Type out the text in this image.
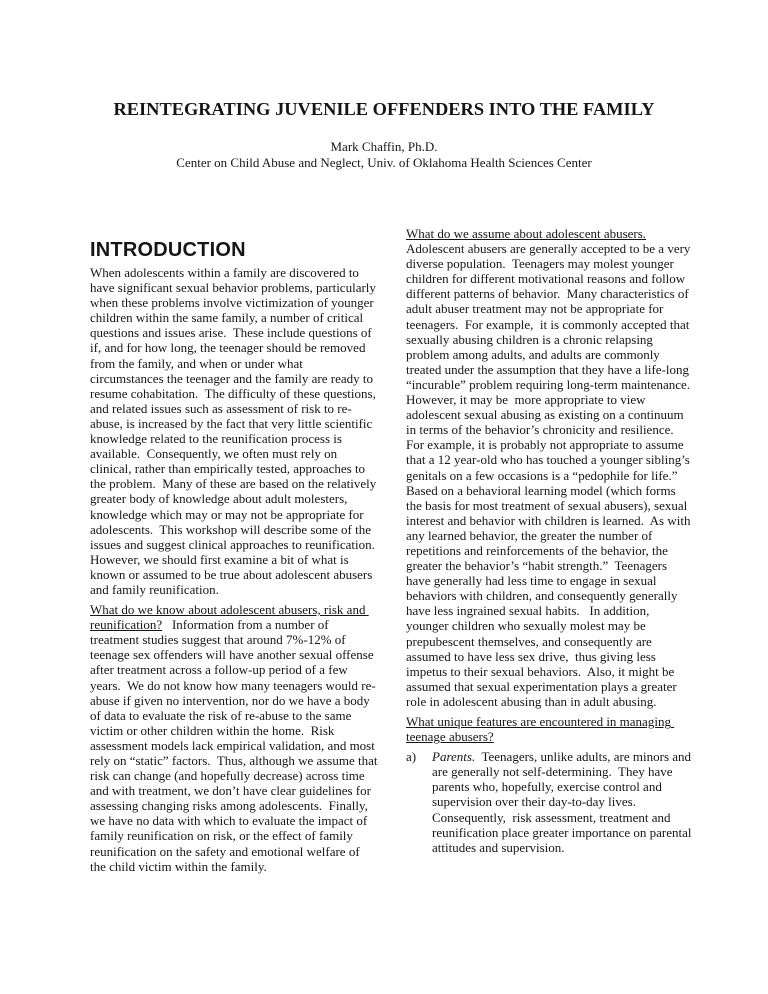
REINTEGRATING JUVENILE OFFENDERS INTO THE FAMILY
Mark Chaffin, Ph.D.
Center on Child Abuse and Neglect, Univ. of Oklahoma Health Sciences Center
INTRODUCTION

When adolescents within a family are discovered to have significant sexual behavior problems, particularly when these problems involve victimization of younger children within the same family, a number of critical questions and issues arise.  These include questions of if, and for how long, the teenager should be removed from the family, and when or under what circumstances the teenager and the family are ready to resume cohabitation.  The difficulty of these questions, and related issues such as assessment of risk to re-abuse, is increased by the fact that very little scientific knowledge related to the reunification process is available.  Consequently, we often must rely on clinical, rather than empirically tested, approaches to the problem.  Many of these are based on the relatively greater body of knowledge about adult molesters, knowledge which may or may not be appropriate for adolescents.  This workshop will describe some of the issues and suggest clinical approaches to reunification.  However, we should first examine a bit of what is known or assumed to be true about adolescent abusers and family reunification.

What do we know about adolescent abusers, risk and reunification?   Information from a number of treatment studies suggest that around 7%-12% of teenage sex offenders will have another sexual offense after treatment across a follow-up period of a few years.  We do not know how many teenagers would re-abuse if given no intervention, nor do we have a body of data to evaluate the risk of re-abuse to the same victim or other children within the home.  Risk assessment models lack empirical validation, and most rely on “static” factors.  Thus, although we assume that risk can change (and hopefully decrease) across time and with treatment, we don’t have clear guidelines for assessing changing risks among adolescents.  Finally, we have no data with which to evaluate the impact of family reunification on risk, or the effect of family reunification on the safety and emotional welfare of the child victim within the family.

What do we assume about adolescent abusers.  Adolescent abusers are generally accepted to be a very diverse population.  Teenagers may molest younger children for different motivational reasons and follow different patterns of behavior.  Many characteristics of adult abuser treatment may not be appropriate for teenagers.  For example,  it is commonly accepted that sexually abusing children is a chronic relapsing problem among adults, and adults are commonly treated under the assumption that they have a life-long “incurable” problem requiring long-term maintenance.  However, it may be  more appropriate to view adolescent sexual abusing as existing on a continuum in terms of the behavior’s chronicity and resilience.  For example, it is probably not appropriate to assume that a 12 year-old who has touched a younger sibling’s genitals on a few occasions is a “pedophile for life.”  Based on a behavioral learning model (which forms the basis for most treatment of sexual abusers), sexual interest and behavior with children is learned.  As with any learned behavior, the greater the number of repetitions and reinforcements of the behavior, the greater the behavior’s “habit strength.”  Teenagers have generally had less time to engage in sexual behaviors with children, and consequently generally have less ingrained sexual habits.   In addition, younger children who sexually molest may be prepubescent themselves, and consequently are assumed to have less sex drive,  thus giving less impetus to their sexual behaviors.  Also, it might be assumed that sexual experimentation plays a greater role in adolescent abusing than in adult abusing.

What unique features are encountered in managing teenage abusers?

a)	Parents.  Teenagers, unlike adults, are minors and are generally not self-determining.  They have parents who, hopefully, exercise control and supervision over their day-to-day lives.  Consequently,  risk assessment, treatment and reunification place greater importance on parental attitudes and supervision.
